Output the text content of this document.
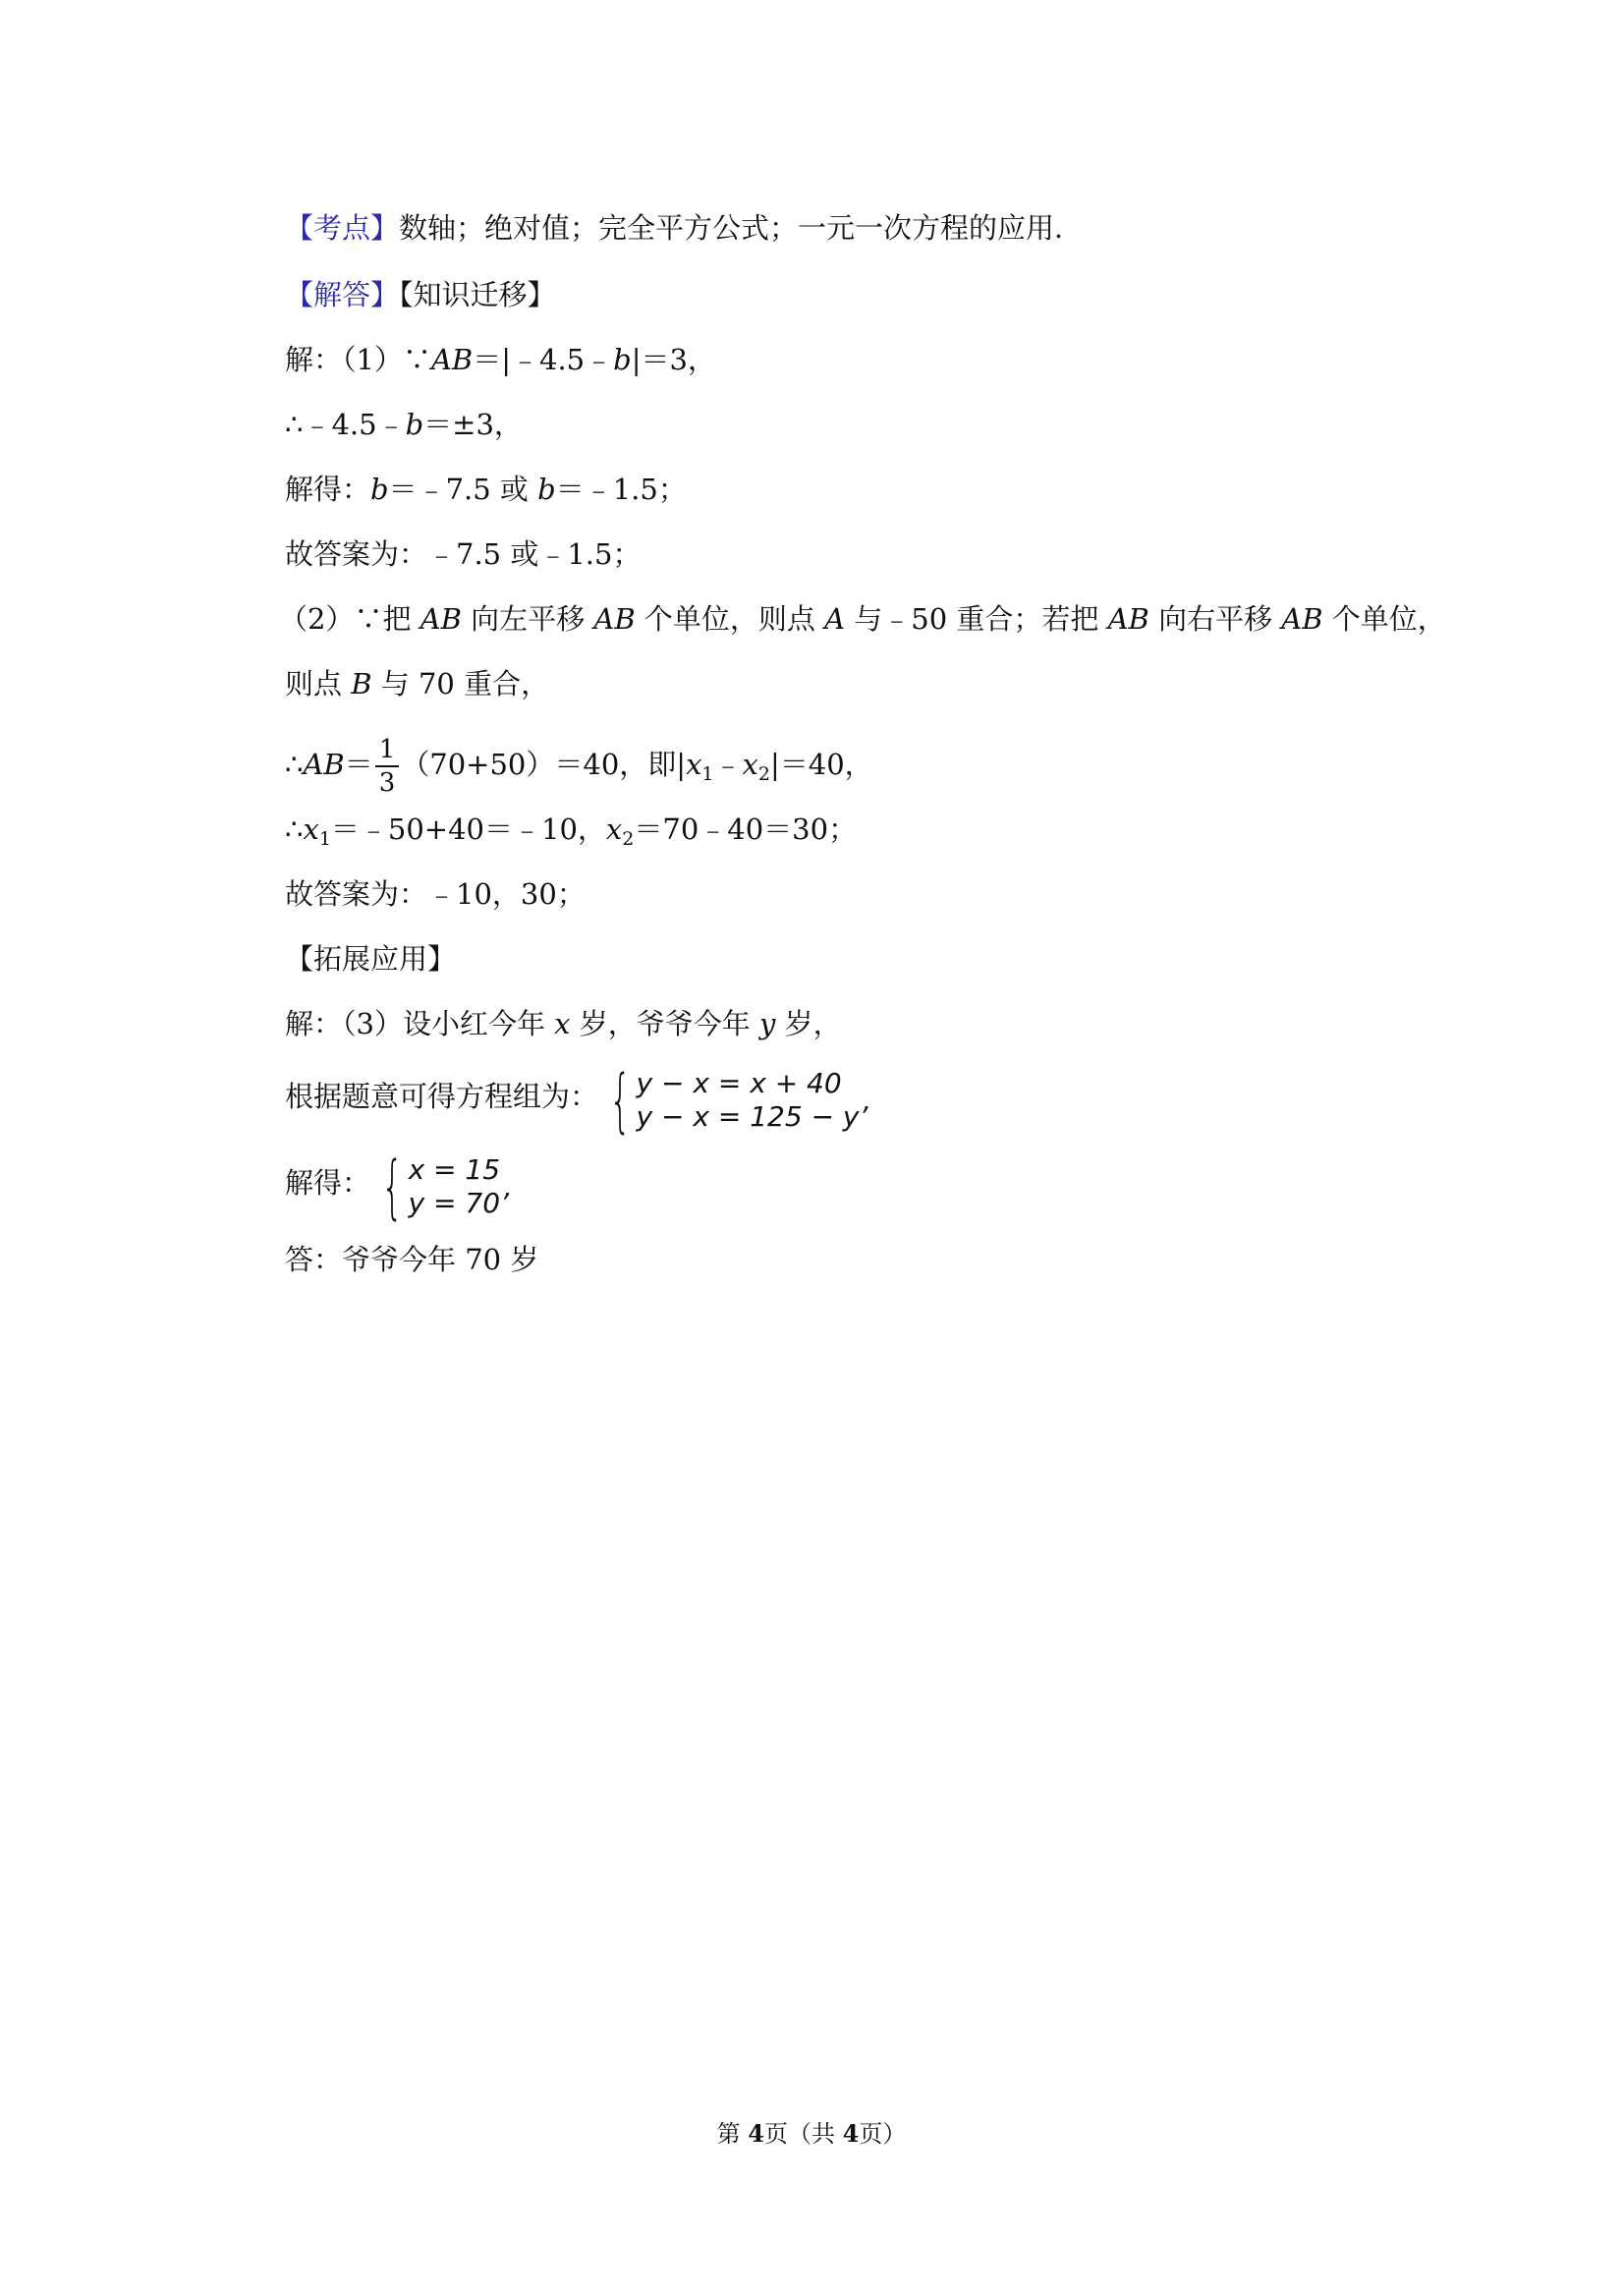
【考点】数轴；绝对值；完全平方公式；一元一次方程的应用．
【解答】【知识迁移】
解：（1）∵AB＝|﹣4.5﹣b|＝3，
∴﹣4.5﹣b＝±3，
解得：b＝﹣7.5 或 b＝﹣1.5；
故答案为：﹣7.5 或﹣1.5；
（2）∵把 AB 向左平移 AB 个单位，则点 A 与﹣50 重合；若把 AB 向右平移 AB 个单位，
则点 B 与 70 重合，
∴AB＝ $\frac{1}{3} (70+50)=40$，即$|x_1﹣x_2|=40$，
$\therefore x_1=﹣50+40=﹣10$，$x_2=70﹣40=30$；
故答案为：﹣10，30；
【拓展应用】
解：（3）设小红今年 x 岁，爷爷今年 y 岁，
根据题意可得方程组为： { y − x = x + 40
y − x = 125 − y’
解得： { x = 15
y = 70’
答：爷爷今年 70 岁
第 4页（共 4页）
